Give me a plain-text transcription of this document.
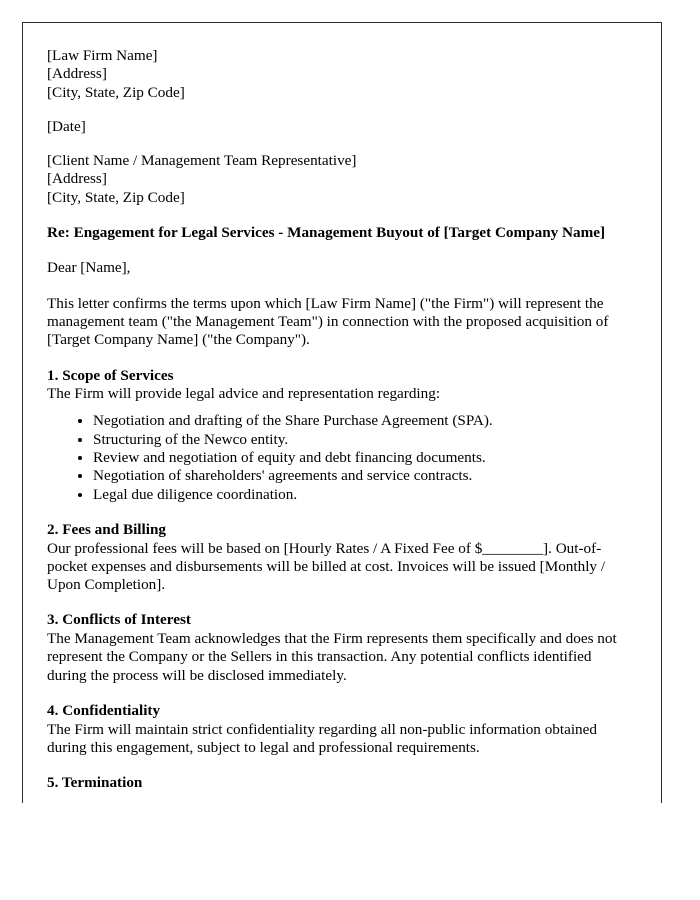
[Law Firm Name]

[Address]

[City, State, Zip Code]

[Date]

[Client Name / Management Team Representative]

[Address]

[City, State, Zip Code]

Re: Engagement for Legal Services - Management Buyout of [Target Company Name]

Dear [Name],

This letter confirms the terms upon which [Law Firm Name] ("the Firm") will represent the management team ("the Management Team") in connection with the proposed acquisition of [Target Company Name] ("the Company").

1. Scope of Services

The Firm will provide legal advice and representation regarding:

• Negotiation and drafting of the Share Purchase Agreement (SPA).
• Structuring of the Newco entity.
• Review and negotiation of equity and debt financing documents.
• Negotiation of shareholders' agreements and service contracts.
• Legal due diligence coordination.

2. Fees and Billing

Our professional fees will be based on [Hourly Rates / A Fixed Fee of $________]. Out-of-pocket expenses and disbursements will be billed at cost. Invoices will be issued [Monthly / Upon Completion].

3. Conflicts of Interest

The Management Team acknowledges that the Firm represents them specifically and does not represent the Company or the Sellers in this transaction. Any potential conflicts identified during the process will be disclosed immediately.

4. Confidentiality

The Firm will maintain strict confidentiality regarding all non-public information obtained during this engagement, subject to legal and professional requirements.

5. Termination
